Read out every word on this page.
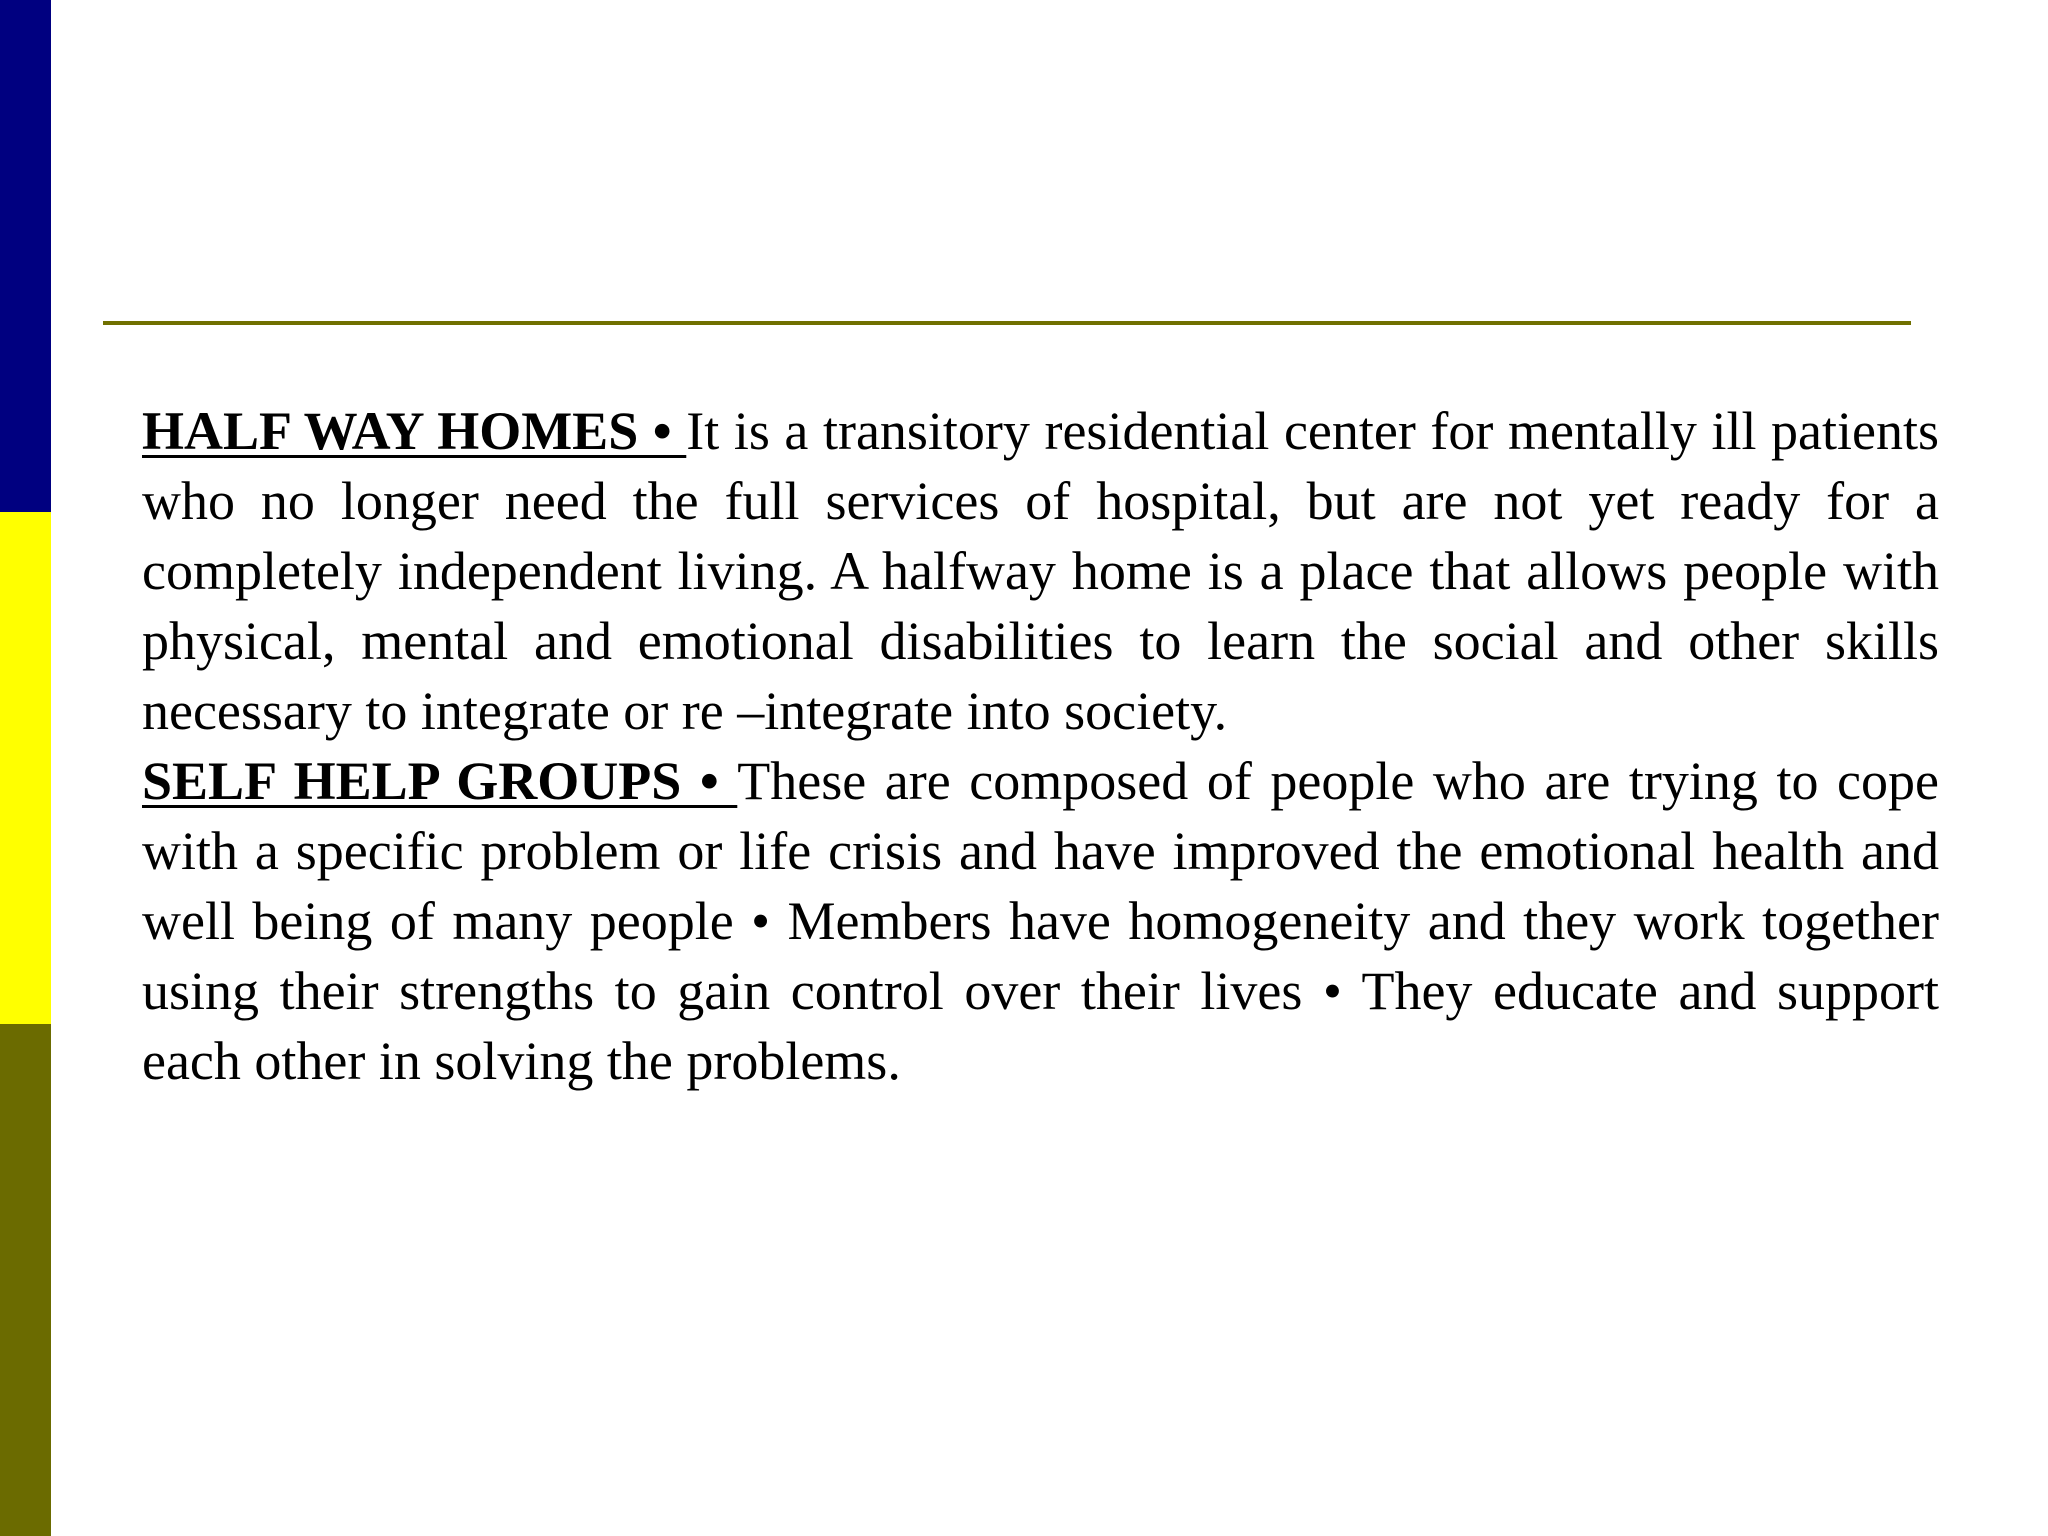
HALF WAY HOMES • It is a transitory residential center for mentally ill patients who no longer need the full services of hospital, but are not yet ready for a completely independent living. A halfway home is a place that allows people with physical, mental and emotional disabilities to learn the social and other skills necessary to integrate or re –integrate into society.

SELF HELP GROUPS • These are composed of people who are trying to cope with a specific problem or life crisis and have improved the emotional health and well being of many people • Members have homogeneity and they work together using their strengths to gain control over their lives • They educate and support each other in solving the problems.
